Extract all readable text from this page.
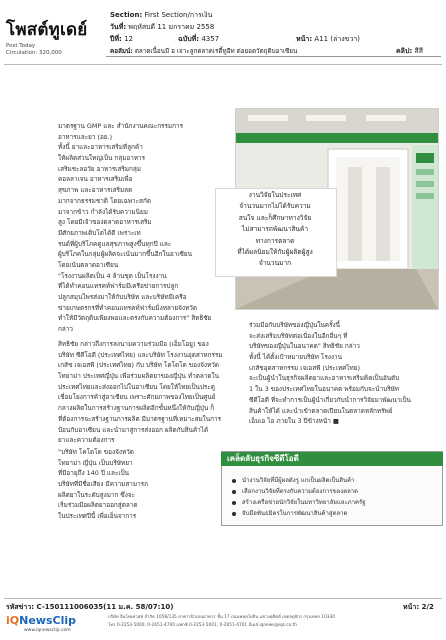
โพสต์ทูเดย์
Post Today
Circulation: 320,000
Section: First Section/การเงิน
วันที่: พฤหัสบดี 11 มกราคม 2558
ปีที่: 12	ฉบับที่: 4357	หน้า: A11 (ล่างขวา)
คอลัมน์: ตลาดเนื้อนมี อ เจาะลูกตลาดเรดี้ทูอีท ต่อยอดวัตถุดิบอาเซียน	คลิป: สีสี
มาตรฐาน GMP และ สำนักงานคณะกรรมการ
อาหารและยา (อย.)
ทั้งนี้ ยาและอาหารเสริมที่ลูกค้า
ให้ผลิตส่วนใหญ่เป็น กลุ่มอาหาร
เสริมชะลอวัย อาหารเสริมกลุ่ม
คอลลาเจน อาหารเสริมเพื่อ
สุขภาพ และอาหารเสริมลด
มากจากธรรมชาติ โดยเฉพาะสกัด
มาจากข้าว กำลังได้รับความนิยม
สูง โดยมีเจ้าของตลาดอาหารเสริม
มีศักยภาพเติบโตได้ดี เพราะเท
รนด์ที่ผู้บริโภคดูแลสุขภาพสูงขึ้นทุกปี และ
ผู้บริโภคในกลุ่มผู้ผลิตจะเน้นมากขึ้นอีกในอาเซียน
โดยเน้นตลาดอาเซียน
"โรงงานผลิตเป็น 4 ล้านชุด เป็นโรงงาน
ที่ได้ทำคอนแทรคท์ฟาร์มมีเครือข่ายการปลูก
ปลูกสมุนไพรส่งมาให้กับบริษัท และบริษัทมีเครือ
ข่ายเกษตรกรที่ทำคอนแทรคท์ฟาร์มมิ่งหลายจังหวัด
ทำให้มีวัตถุดิบเพียงพอและตรงกับความต้องการ" สิทธิชัย
กล่าว
สิทธิชัย กล่าวถึงการลงนามความร่วมมือ (เอ็มโอยู) ของ
บริษัท ซีดีโอดี (ประเทศไทย) และบริษัท โรงงานอุตสาหกรรม
เกสัช เจเอสพี (ประเทศไทย) กับ บริษัท โคโดโด ของจังหวัด
โทยาม่า ประเทศญี่ปุ่น เพื่อร่วมผลิตยาของญี่ปุ่น ทำตลาดใน
ประเทศไทยและส่งออกไปในอาเซียน โดยให้ไทยเป็นประตู
เชื่อมโยงการค้าสู่อาเซียน เพราะศักยภาพของไทยเป็นศูนย์
กลางผลิตในการสร้างฐานการผลิตอีกขั้นหนึ่งให้กับญี่ปุ่น ก็
ที่ต้องการจะสร้างฐานการผลิต มีมาตรฐานที่เหมาะสมในการ
ป้อนกับอาเซียน และนำมาสู่การส่งออก ผลิตกับสินค้าได้
ยาและความต้องการ
"บริษัท โคโดโด ของจังหวัด
โทยาม่า ญี่ปุ่น เป็นบริษัทยา
ที่มีอายุถึง 140 ปี และเป็น
บริษัทที่มีชื่อเสียง มีความสามารถ
ผลิตยาในระดับสูงมาก ซึ่งจะ
เริ่มร่วมมือผลิตยาออกสู่ตลาด
ในประเทศปีนี้ เพื่อเอ็นจาการ
งานวิจัยในประเทศ
จำนวนมากไม่ได้รับความ
สนใจ และก็ศึกษาทางวิจัย
ไม่สามารถพัฒนาสินค้า
ทางการตลาด
ที่ได้ผลนิยมให้กับผู้ผลิตผู้สูง
จำนวนมาก
ร่วมมือกับบริษัทของญี่ปุ่นในครั้งนี้
จะส่งเสริมบริษัทต่อเนื่องในอีกอื่นๆ ที่
บริษัทของญี่ปุ่นในอนาคต" สิทธิชัย กล่าว
ทั้งนี้ ได้ตั้งเป้าหมายบริษัท โรงงาน
เภสัชอุตสาหกรรม เจเอสพี (ประเทศไทย)
จะเป็นผู้นำในธุรกิจผลิตยาและอาหารเสริมคิดเป็นอันดับ
1 ใน 3 ของประเทศไทยในอนาคต พร้อมกับจะนำบริษัท
ซีดีโอดี ที่จะทำการเป็นผู้นำเกี่ยวกับนำการวิจัยมาพัฒนาเป็น
สินค้าให้ได้ และนำเข้าตลาดเปียนในตลาดหลักทรัพย์
เอ็มเอ ไอ ภายใน 3 ปีข้างหน้า ■
เคล็ดลับธุรกิจซีดีโอดี
นำงานวิจัยที่มีผู้ผลดังรู แกเป็นผลิตเป็นสินค้า
เลือกงานวิจัยที่ตรงกับความต้องการของตลาด
สร้างเครือข่ายนักวิจัยในมหาวิทยาลัยและภาครัฐ
จับมือพันธมิตรในการพัฒนาสินค้าสู่ตลาด
รหัสข่าว: C-150111006035(11 ม.ค. 58/07:10)	หน้า: 2/2
iQNewsClip
www.iqnewsclip.com
บริษัท อินโฟเควสท์ จำกัด 1058/135 อาคารนิวเจนอาคาร ชั้น 17 ถนนพหลโยธิน แขวงดุสิตดี เขตจตุจักร กรุงเทพฯ 10330
โทร 0-2253-5000, 0-2651-4700 แฟกซ์ 0-2253-5001, 0-2651-4701 อีเมล์ iqnews@iqs.co.th
